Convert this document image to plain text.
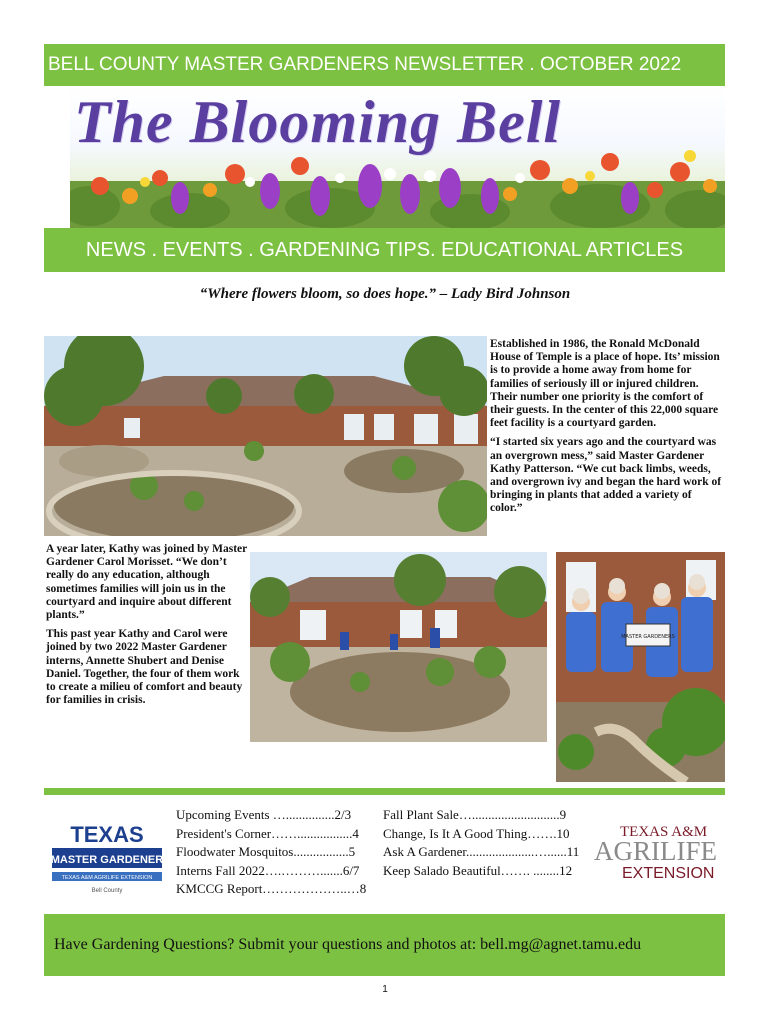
BELL COUNTY MASTER GARDENERS NEWSLETTER . OCTOBER 2022
The Blooming Bell
NEWS . EVENTS . GARDENING TIPS. EDUCATIONAL ARTICLES
“Where flowers bloom, so does hope.” – Lady Bird Johnson

Established in 1986, the Ronald McDonald House of Temple is a place of hope. Its’ mission is to provide a home away from home for families of seriously ill or injured children. Their number one priority is the comfort of their guests. In the center of this 22,000 square feet facility is a courtyard garden.

“I started six years ago and the courtyard was an overgrown mess,” said Master Gardener Kathy Patterson. “We cut back limbs, weeds, and overgrown ivy and began the hard work of bringing in plants that added a variety of color.”

A year later, Kathy was joined by Master Gardener Carol Morisset. “We don’t really do any education, although sometimes families will join us in the courtyard and inquire about different plants.”

This past year Kathy and Carol were joined by two 2022 Master Gardener interns, Annette Shubert and Denise Daniel. Together, the four of them work to create a milieu of comfort and beauty for families in crisis.

MASTER GARDENERS
TEXAS
MASTER GARDENER
TEXAS A&M AGRILIFE EXTENSION
Bell County
Upcoming Events …...............2/3
President's Corner…….................4
Floodwater Mosquitos.................5
Interns Fall 2022….……….......6/7
KMCCG Report………………..…8
Fall Plant Sale…...........................9
Change, Is It A Good Thing…….10
Ask A Gardener.....................…......11
Keep Salado Beautiful……. ........12
TEXAS A&M
AGRILIFE
EXTENSION
Have Gardening Questions? Submit your questions and photos at: bell.mg@agnet.tamu.edu
1
